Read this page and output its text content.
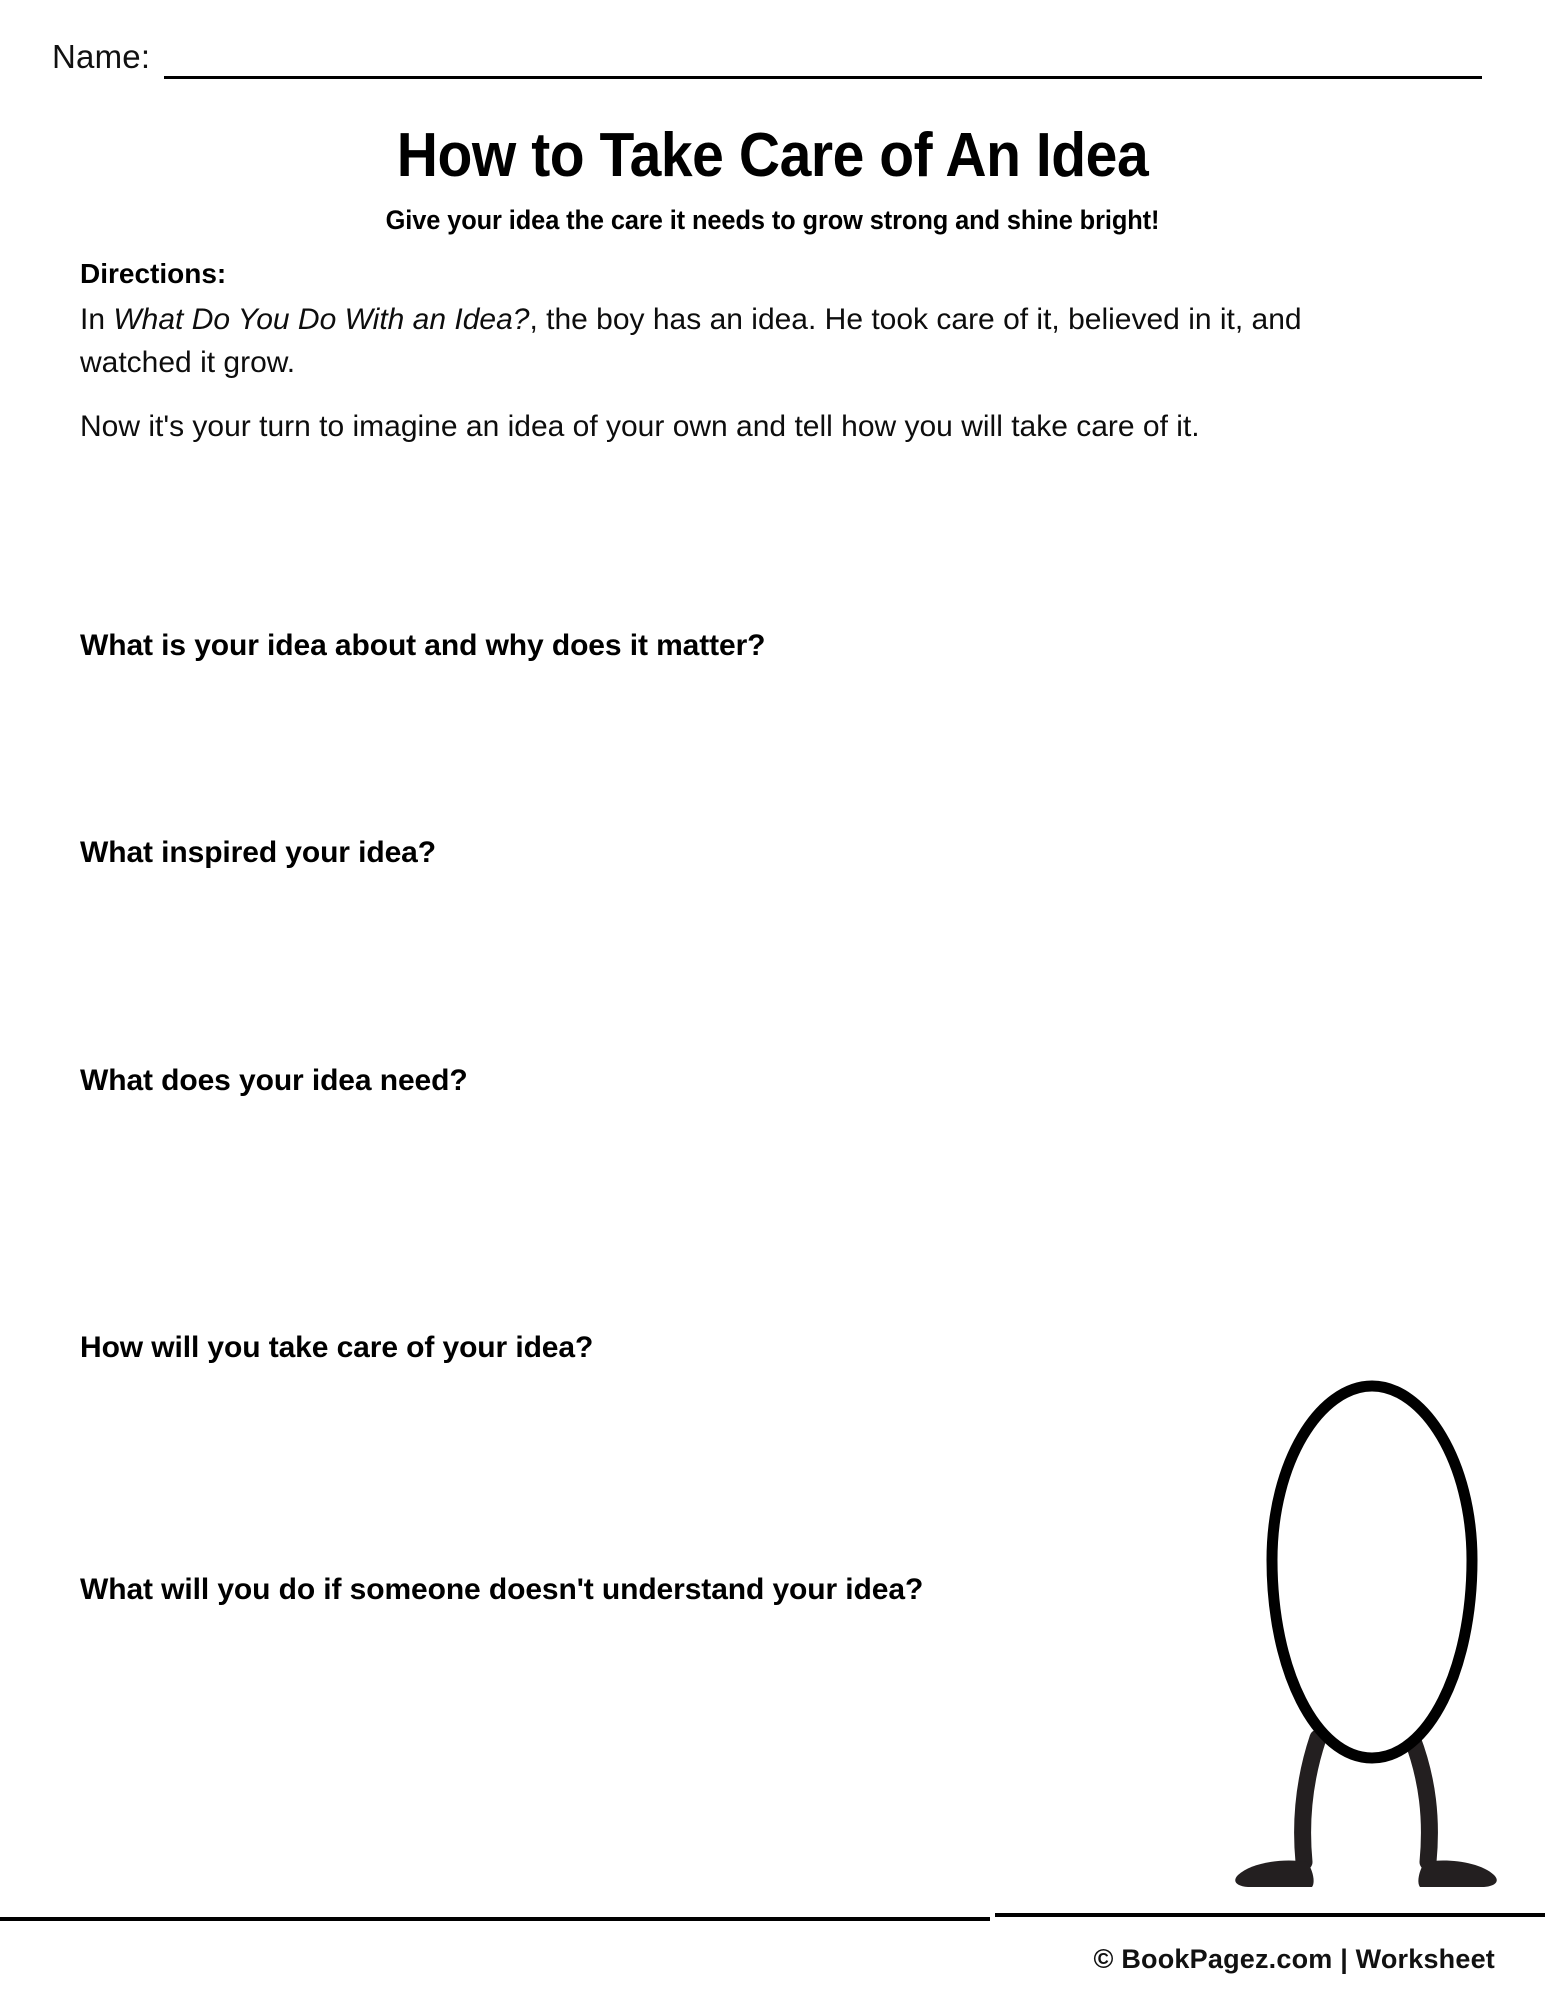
Name:
How to Take Care of An Idea
Give your idea the care it needs to grow strong and shine bright!
Directions:

In What Do You Do With an Idea?, the boy has an idea. He took care of it, believed in it, and watched it grow.

Now it's your turn to imagine an idea of your own and tell how you will take care of it.

What is your idea about and why does it matter?
What inspired your idea?
What does your idea need?
How will you take care of your idea?
What will you do if someone doesn't understand your idea?
© BookPagez.com | Worksheet
